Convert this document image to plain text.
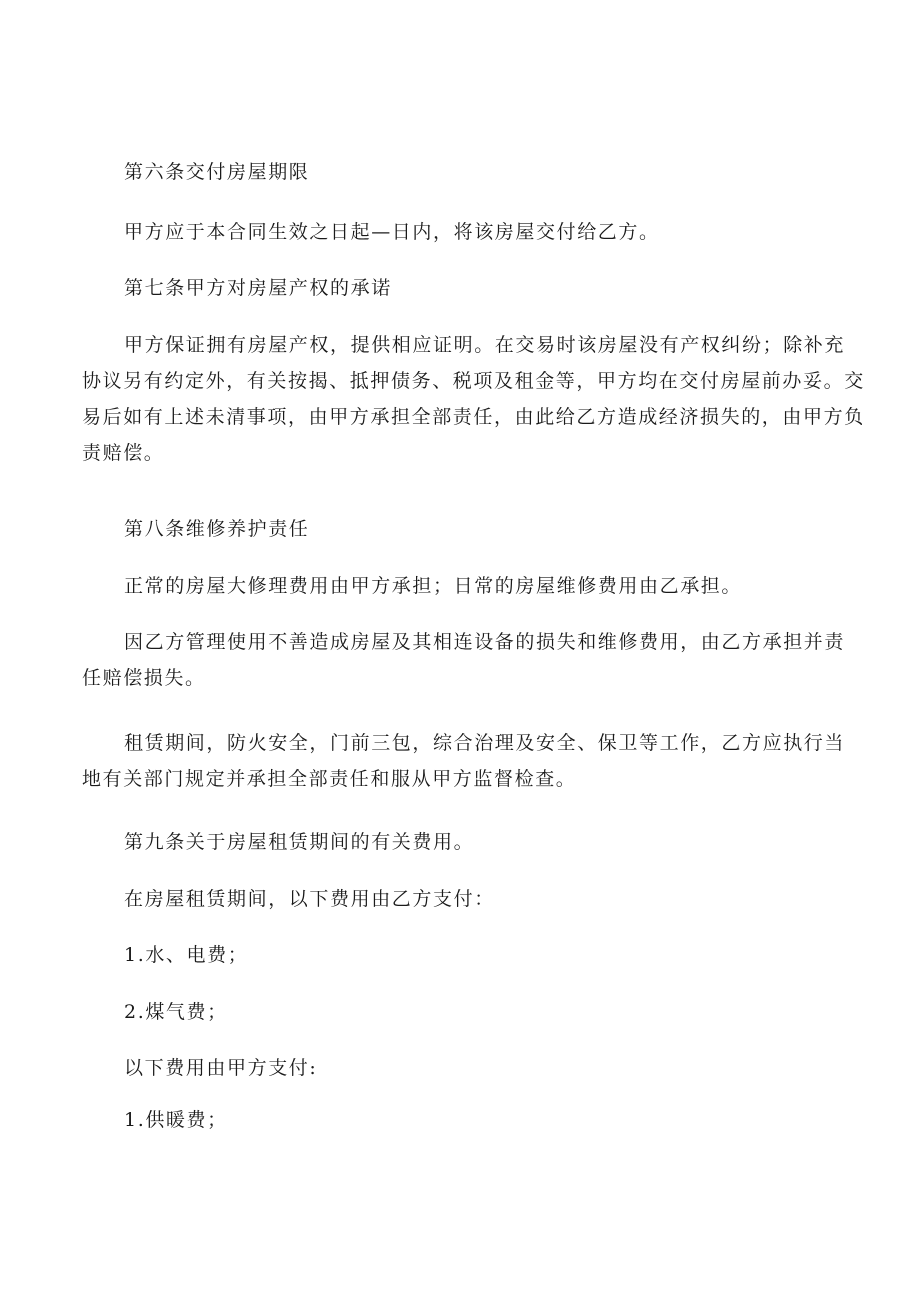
第六条交付房屋期限

甲方应于本合同生效之日起—日内，将该房屋交付给乙方。

第七条甲方对房屋产权的承诺

甲方保证拥有房屋产权，提供相应证明。在交易时该房屋没有产权纠纷；除补充
协议另有约定外，有关按揭、抵押债务、税项及租金等，甲方均在交付房屋前办妥。交
易后如有上述未清事项，由甲方承担全部责任，由此给乙方造成经济损失的，由甲方负
责赔偿。

第八条维修养护责任

正常的房屋大修理费用由甲方承担；日常的房屋维修费用由乙承担。

因乙方管理使用不善造成房屋及其相连设备的损失和维修费用，由乙方承担并责
任赔偿损失。
租赁期间，防火安全，门前三包，综合治理及安全、保卫等工作，乙方应执行当
地有关部门规定并承担全部责任和服从甲方监督检查。

第九条关于房屋租赁期间的有关费用。

在房屋租赁期间，以下费用由乙方支付：

1.水、电费；

2.煤气费；

以下费用由甲方支付:

1.供暖费；
